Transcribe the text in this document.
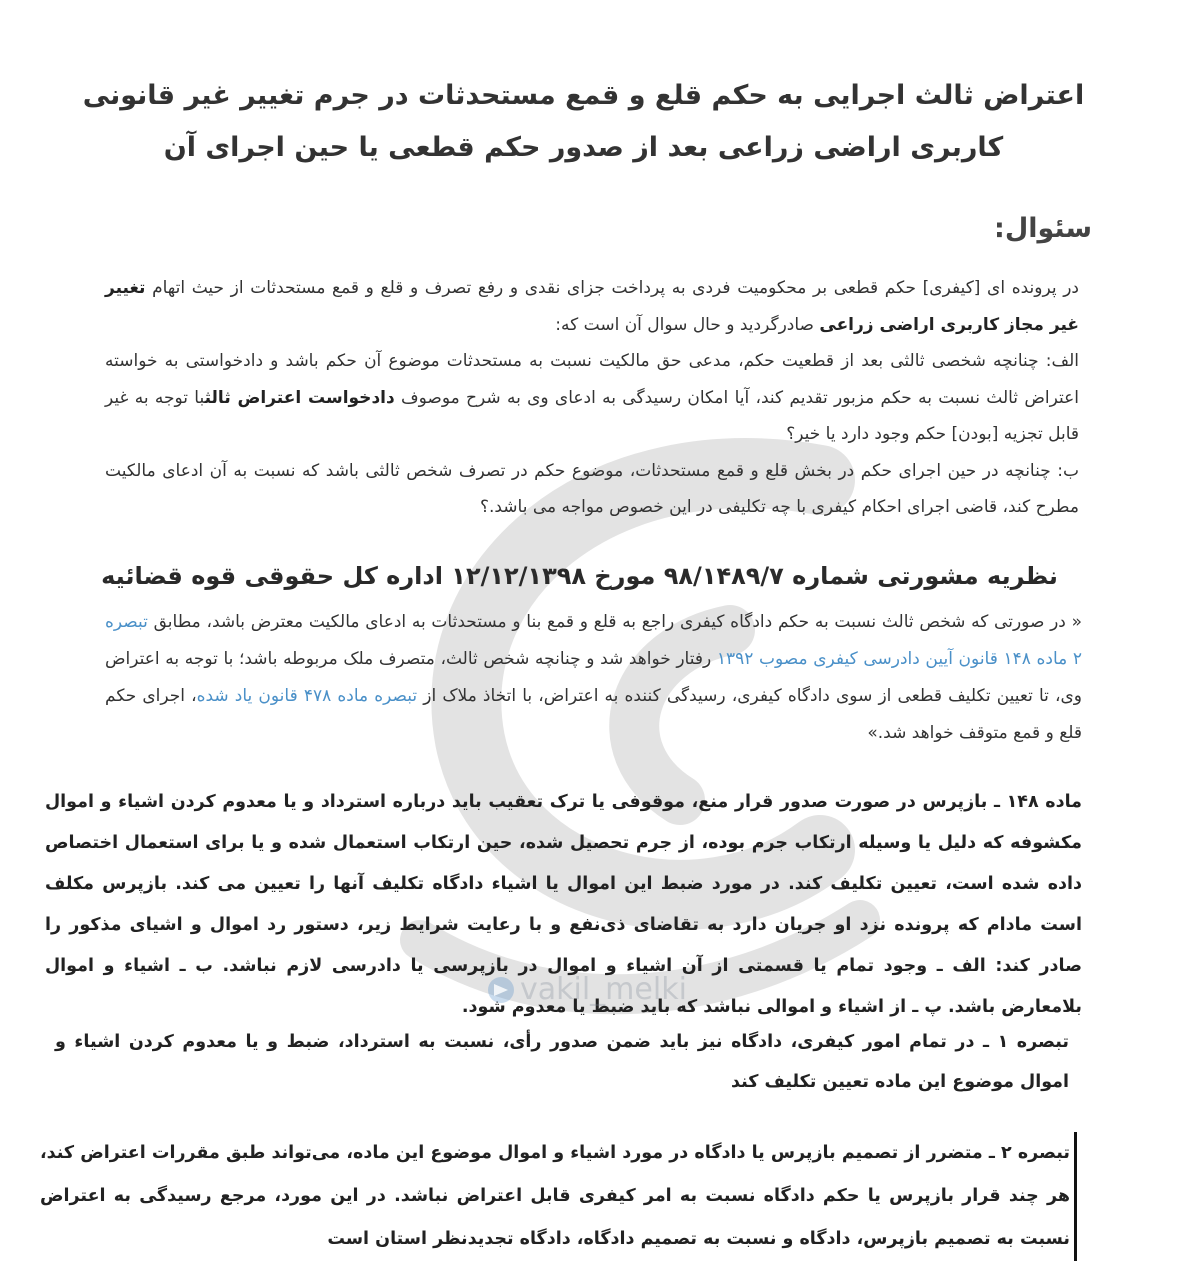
اعتراض ثالث اجرایی به حکم قلع و قمع مستحدثات در جرم تغییر غیر قانونی کاربری اراضی زراعی بعد از صدور حکم قطعی یا حین اجرای آن
سئوال:

در پرونده ای [کیفری] حکم قطعی بر محکومیت فردی به پرداخت جزای نقدی و رفع تصرف و قلع و قمع مستحدثات از حیث اتهام تغییر غیر مجاز کاربری اراضی زراعی صادرگردید و حال سوال آن است که:

الف: چنانچه شخصی ثالثی بعد از قطعیت حکم، مدعی حق مالکیت نسبت به مستحدثات موضوع آن حکم باشد و دادخواستی به خواسته اعتراض ثالث نسبت به حکم مزبور تقدیم کند، آیا امکان رسیدگی به ادعای وی به شرح موصوف دادخواست اعتراض ثالثبا توجه به غیر قابل تجزیه [بودن] حکم وجود دارد یا خیر؟

ب: چنانچه در حین اجرای حکم در بخش قلع و قمع مستحدثات، موضوع حکم در تصرف شخص ثالثی باشد که نسبت به آن ادعای مالکیت مطرح کند، قاضی اجرای احکام کیفری با چه تکلیفی در این خصوص مواجه می باشد.؟

نظریه مشورتی شماره ۹۸/۱۴۸۹/۷ مورخ ۱۲/۱۲/۱۳۹۸ اداره کل حقوقی قوه قضائیه

« در صورتی که شخص ثالث نسبت به حکم دادگاه کیفری راجع به قلع و قمع بنا و مستحدثات به ادعای مالکیت معترض باشد، مطابق تبصره ۲ ماده ۱۴۸ قانون آیین دادرسی کیفری مصوب ۱۳۹۲ رفتار خواهد شد و چنانچه شخص ثالث، متصرف ملک مربوطه باشد؛ با توجه به اعتراض وی، تا تعیین تکلیف قطعی از سوی دادگاه کیفری، رسیدگی کننده به اعتراض، با اتخاذ ملاک از تبصره ماده ۴۷۸ قانون یاد شده، اجرای حکم قلع و قمع متوقف خواهد شد.»

ماده ۱۴۸ ـ بازپرس در صورت صدور قرار منع، موقوفی یا ترک تعقیب باید درباره استرداد و یا معدوم کردن اشیاء و اموال مکشوفه که دلیل یا وسیله ارتکاب جرم بوده، از جرم تحصیل شده، حین ارتکاب استعمال شده و یا برای استعمال اختصاص داده شده است، تعیین تکلیف کند. در مورد ضبط این اموال یا اشیاء دادگاه تکلیف آنها را تعیین می کند. بازپرس مکلف است مادام که پرونده نزد او جریان دارد به تقاضای ذی‌نفع و با رعایت شرایط زیر، دستور رد اموال و اشیای مذکور را صادر کند: الف ـ وجود تمام یا قسمتی از آن اشیاء و اموال در بازپرسی یا دادرسی لازم نباشد. ب ـ اشیاء و اموال بلامعارض باشد. پ ـ از اشیاء و اموالی نباشد که باید ضبط یا معدوم شود.

تبصره ۱ ـ در تمام امور کیفری، دادگاه نیز باید ضمن صدور رأی، نسبت به استرداد، ضبط و یا معدوم کردن اشیاء و اموال موضوع این ماده تعیین تکلیف کند

تبصره ۲ ـ متضرر از تصمیم بازپرس یا دادگاه در مورد اشیاء و اموال موضوع این ماده، می‌تواند طبق مقررات اعتراض کند، هر چند قرار بازپرس یا حکم دادگاه نسبت به امر کیفری قابل اعتراض نباشد. در این مورد، مرجع رسیدگی به اعتراض نسبت به تصمیم بازپرس، دادگاه و نسبت به تصمیم دادگاه، دادگاه تجدیدنظر استان است

vakil_melki
